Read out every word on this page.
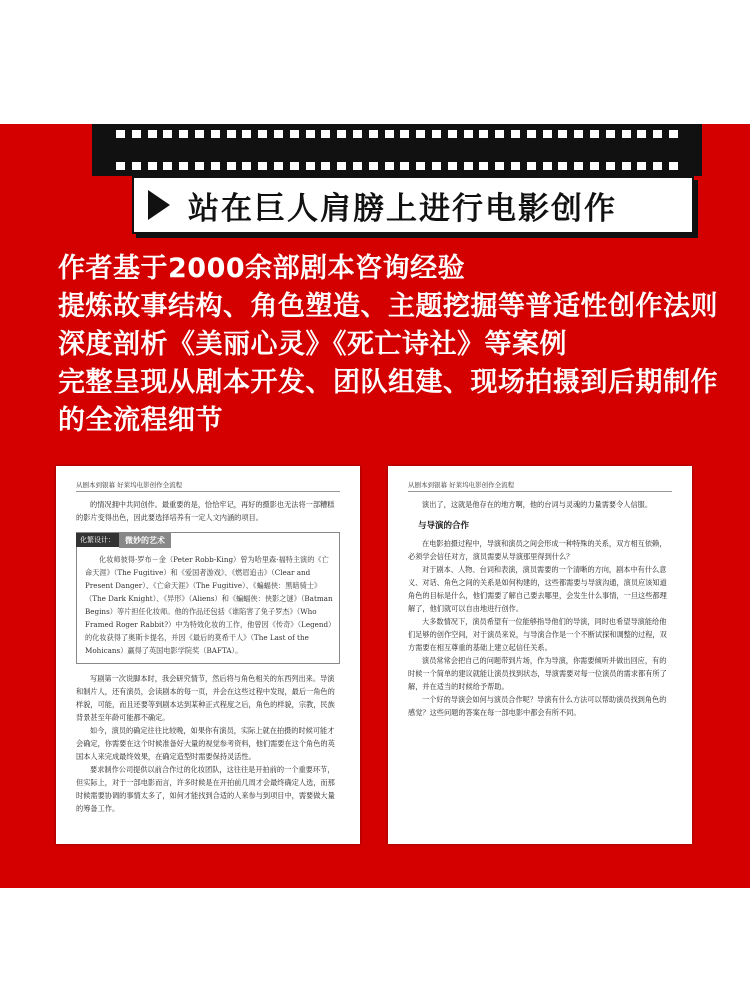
站在巨人肩膀上进行电影创作
作者基于2000余部剧本咨询经验
提炼故事结构、角色塑造、主题挖掘等普适性创作法则
深度剖析《美丽心灵》《死亡诗社》等案例
完整呈现从剧本开发、团队组建、现场拍摄到后期制作
的全流程细节
从剧本到银幕 好莱坞电影创作全流程

的情况拥中共同创作。最重要的是，恰恰牢记，再好的摄影也无法将一部糟糕的影片变得出色，因此要选择培养有一定人文内涵的项目。

化繁设计：	微妙的艺术

化妆师彼得·罗布－金（Peter Robb-King）曾为哈里森·福特主演的《亡命天涯》（The Fugitive）和《爱国者游戏》、《燃眉追击》（Clear and Present Danger）、《亡命天涯》（The Fugitive）、《蝙蝠侠：黑暗骑士》（The Dark Knight）、《异形》（Aliens）和《蝙蝠侠：侠影之谜》（Batman Begins）等片担任化妆师。他的作品还包括《谁陷害了兔子罗杰》（Who Framed Roger Rabbit?）中为特效化妆的工作，他曾因《传奇》（Legend）的化妆获得了奥斯卡提名，并因《最后的莫希干人》（The Last of the Mohicans）赢得了英国电影学院奖（BAFTA）。

写剧第一次说脚本时，我会研究情节，然后将与角色相关的东西列出来。导演和制片人，还有演员，会读剧本的每一页，并会在这些过程中发现，最后一角色的样貌，可能，而且还要等到剧本达到某种正式程度之后，角色的样貌，宗教，民族背景甚至年龄可能都不确定。

如今，演员的确定往往比较晚，如果你有演员，实际上就在拍摄的时候可能才会确定，你需要在这个时候准备好大量的视觉参考资料，他们需要在这个角色的英国本人来完成最终效果，在确定造型时需要保持灵活性。

要求制作公司提供以前合作过的化妆团队，这往往是开拍前的一个重要环节，但实际上，对于一部电影而言，许多时候是在开拍前几周才会最终确定人选，而那时候需要协调的事情太多了，如何才能找到合适的人来参与到项目中，需要做大量的筹备工作。

从剧本到银幕 好莱坞电影创作全流程

演出了，这就是他存在的地方啊，他的台词与灵魂的力量需要令人信服。

与导演的合作

在电影拍摄过程中，导演和演员之间会形成一种特殊的关系，双方相互依赖，必须学会信任对方，演员需要从导演那里得到什么？

对于剧本、人物、台词和表演，演员需要的一个清晰的方向，剧本中有什么意义、对话、角色之间的关系是如何构建的，这些都需要与导演沟通，演员应该知道角色的目标是什么，他们需要了解自己要去哪里，会发生什么事情，一旦这些都理解了，他们就可以自由地进行创作。

大多数情况下，演员希望有一位能够指导他们的导演，同时也希望导演能给他们足够的创作空间，对于演员来说，与导演合作是一个不断试探和调整的过程，双方需要在相互尊重的基础上建立起信任关系。

演员常常会把自己的问题带到片场，作为导演，你需要倾听并做出回应，有的时候一个简单的建议就能让演员找到状态，导演需要对每一位演员的需求都有所了解，并在适当的时候给予帮助。

一个好的导演会如何与演员合作呢？导演有什么方法可以帮助演员找到角色的感觉？这些问题的答案在每一部电影中都会有所不同。
